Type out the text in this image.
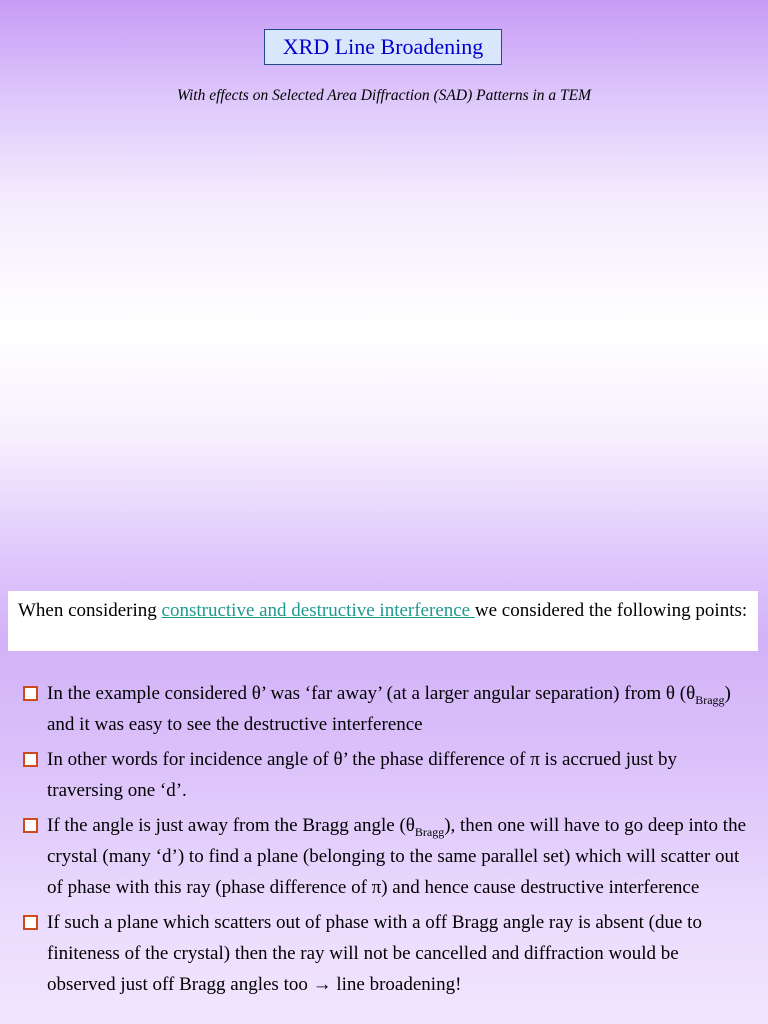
XRD Line Broadening
With effects on Selected Area Diffraction (SAD) Patterns in a TEM
When considering constructive and destructive interference we considered the following points:
In the example considered θ’ was ‘far away’ (at a larger angular separation) from θ $(\theta_{Bragg})$ and it was easy to see the destructive interference
In other words for incidence angle of θ’ the phase difference of π is accrued just by traversing one ‘d’.
If the angle is just away from the Bragg angle $(\theta_{Bragg})$, then one will have to go deep into the crystal (many ‘d’) to find a plane (belonging to the same parallel set) which will scatter out of phase with this ray (phase difference of π) and hence cause destructive interference
If such a plane which scatters out of phase with a off Bragg angle ray is absent (due to finiteness of the crystal) then the ray will not be cancelled and diffraction would be observed just off Bragg angles too → line broadening!
